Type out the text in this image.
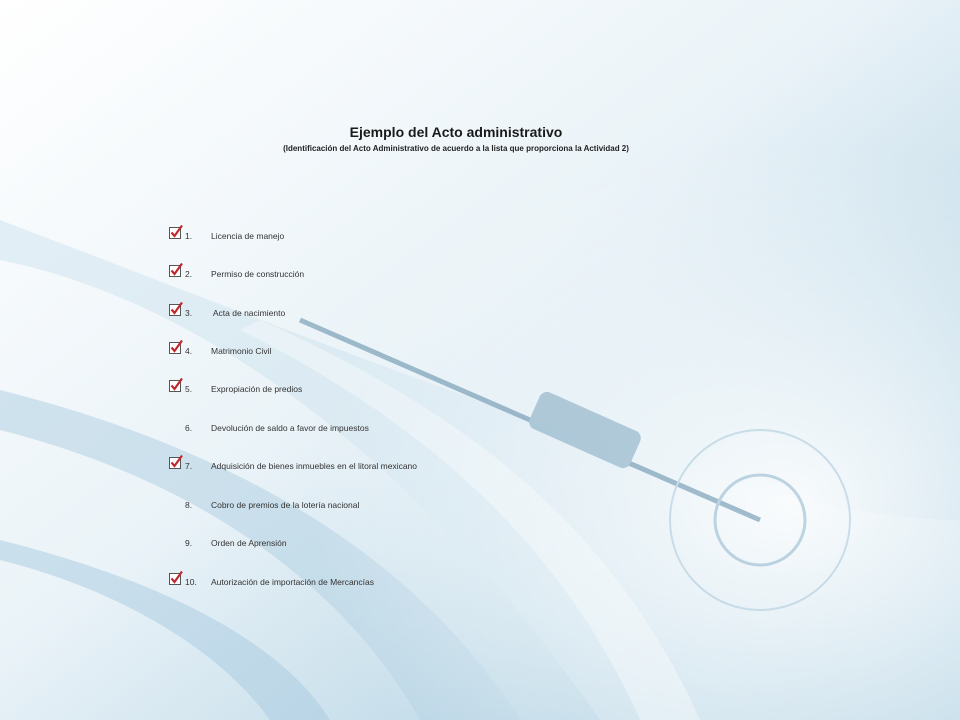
Ejemplo del Acto administrativo
(Identificación del Acto Administrativo de acuerdo a la lista que proporciona la Actividad 2)
1.	Licencia de manejo
2.	Permiso de construcción
3.	Acta de nacimiento
4.	Matrimonio Civil
5.	Expropiación de predios
6.	Devolución de saldo a favor de impuestos
7.	Adquisición de bienes inmuebles en el litoral mexicano
8.	Cobro de premios de la lotería nacional
9.	Orden de Aprensión
10.	Autorización de importación de Mercancías
